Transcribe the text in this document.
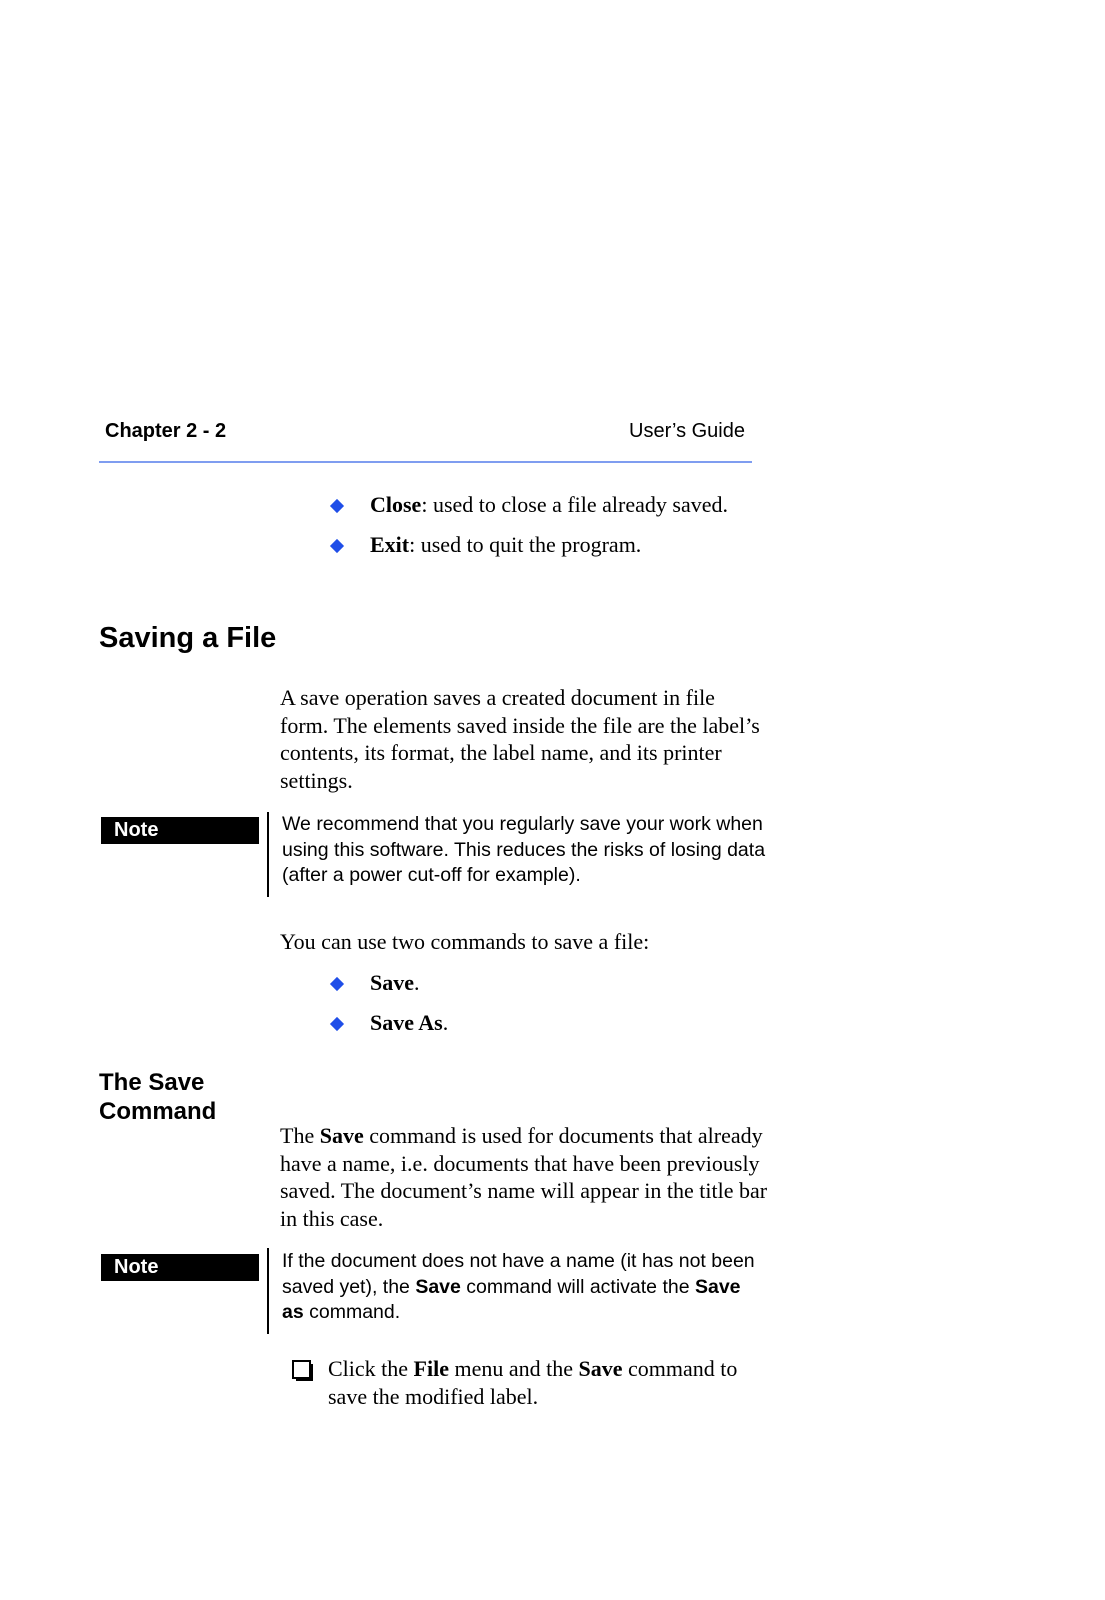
Chapter 2 - 2	User’s Guide
Close: used to close a file already saved.
Exit: used to quit the program.
Saving a File
A save operation saves a created document in file form. The elements saved inside the file are the label’s contents, its format, the label name, and its printer settings.
Note	We recommend that you regularly save your work when using this software. This reduces the risks of losing data (after a power cut-off for example).
You can use two commands to save a file:
Save.
Save As.
The Save Command
The Save command is used for documents that already have a name, i.e. documents that have been previously saved. The document’s name will appear in the title bar in this case.
Note	If the document does not have a name (it has not been saved yet), the Save command will activate the Save as command.
Click the File menu and the Save command to save the modified label.
